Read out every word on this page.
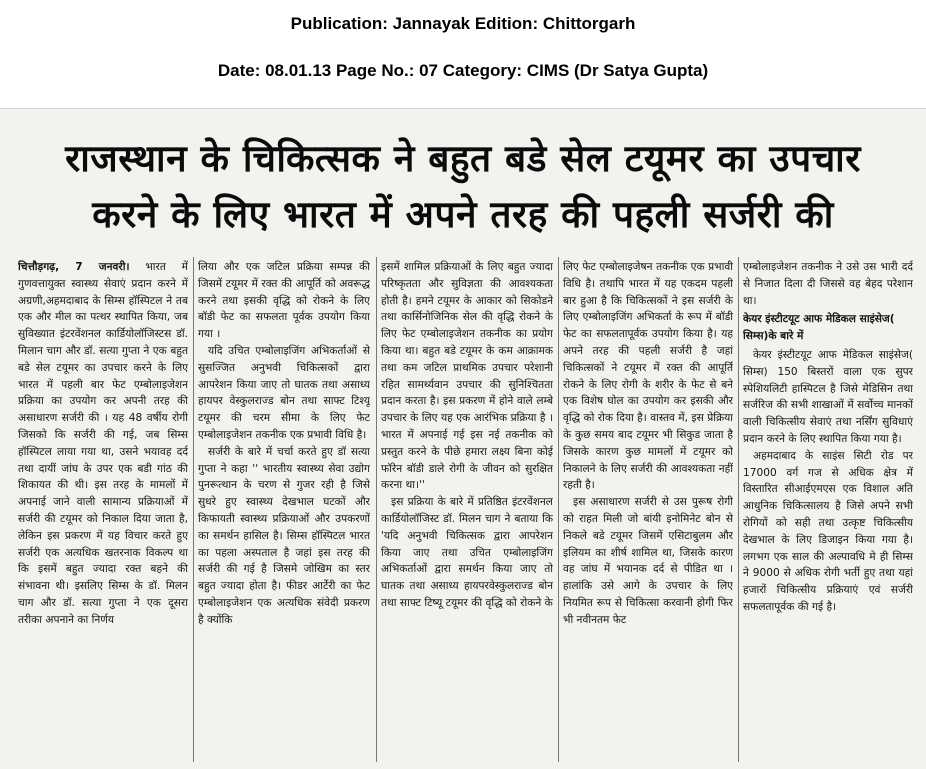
Publication: Jannayak Edition: Chittorgarh
Date: 08.01.13 Page No.: 07 Category: CIMS (Dr Satya Gupta)
राजस्थान के चिकित्सक ने बहुत बडे सेल टयूमर का उपचार
करने के लिए भारत में अपने तरह की पहली सर्जरी की
चित्तौड़गढ़, 7 जनवरी। भारत में गुणवत्तायुक्त स्वास्थ्य सेवाएं प्रदान करने में अग्रणी,अहमदाबाद के सिम्स हॉस्पिटल ने तब एक और मील का पत्थर स्थापित किया, जब सुविख्यात इंटरवेंशनल कार्डियोलॉजिस्टस डॉ. मिलान चाग और डॉ. सत्या गुप्ता ने एक बहुत बडे सेल टयूमर का उपचार करने के लिए भारत में पहली बार फेट एम्बोलाइजेशन प्रक्रिया का उपयोग कर अपनी तरह की असाधारण सर्जरी की । यह 48 वर्षीय रोगी जिसको कि सर्जरी की गई, जब सिम्स हॉस्पिटल लाया गया था, उसने भयावह दर्द तथा दायीं जांघ के उपर एक बडी गांठ की शिकायत की थी। इस तरह के मामलों में अपनाई जाने वाली सामान्य प्रक्रियाओं में सर्जरी की टयूमर को निकाल दिया जाता है, लेकिन इस प्रकरण में यह विचार करते हुए सर्जरी एक अत्यधिक खतरनाक विकल्प था कि इसमें बहुत ज्यादा रक्त बहने की संभावना थी। इसलिए सिम्स के डॉ. मिलन चाग और डॉ. सत्या गुप्ता ने एक दूसरा तरीका अपनाने का निर्णय
लिया और एक जटिल प्रक्रिया सम्पन्न की जिसमें टयूमर में रक्त की आपूर्ति को अवरूद्ध करने तथा इसकी वृद्धि को रोकने के लिए बॉडी फेट का सफलता पूर्वक उपयोग किया गया ।
यदि उचित एम्बोलाइजिंग अभिकर्ताओं से सुसज्जित अनुभवी चिकित्सकों द्वारा आपरेशन किया जाए तो घातक तथा असाध्य हायपर वेस्कुलराज्ड बोन तथा साफ्ट टिश्यू टयूमर की चरम सीमा के लिए फेट एम्बोलाइजेशन तकनीक एक प्रभावी विधि है।
सर्जरी के बारे में चर्चा करते हुए डॉ सत्या गुप्ता ने कहा '' भारतीय स्वास्थ्य सेवा उद्योग पुनरूत्थान के चरण से गुजर रही है जिसे सुधरे हुए स्वास्थ्य देखभाल घटकों और किफायती स्वास्थ्य प्रक्रियाओं और उपकरणों का समर्थन हासिल है। सिम्स हॉस्पिटल भारत का पहला अस्पताल है जहां इस तरह की सर्जरी की गई है जिसमे जोखिम का स्तर बहुत ज्यादा होता है। फीडर आर्टेरी का फेट एम्बोलाइजेशन एक अत्यधिक संवेदी प्रकरण है क्योंकि
इसमें शामिल प्रक्रियाओं के लिए बहुत ज्यादा परिष्कृतता और सुविज्ञता की आवश्यकता होती है। हमने टयूमर के आकार को सिकोडने तथा कार्सिनोजिनिक सेल की वृद्धि रोकने के लिए फेट एम्बोलाइजेशन तकनीक का प्रयोग किया था। बहुत बडे टयूमर के कम आक्रामक तथा कम जटिल प्राथमिक उपचार परेशानी रहित सामर्थ्यवान उपचार की सुनिश्चितता प्रदान करता है। इस प्रकरण में होने वाले लम्बे उपचार के लिए यह एक आरंभिक प्रक्रिया है । भारत में अपनाई गई इस नई तकनीक को प्रस्तुत करने के पीछे हमारा लक्ष्य बिना कोई फॉरेन बॉडी डाले रोगी के जीवन को सुरक्षित करना था।''
इस प्रक्रिया के बारे में प्रतिष्ठित इंटरवेंशनल कार्डियोलॉजिस्ट डॉ. मिलन चाग ने बताया कि 'यदि अनुभवी चिकित्सक द्वारा आपरेशन किया जाए तथा उचित एम्बोलाइजिंग अभिकर्ताओं द्वारा समर्थन किया जाए तो घातक तथा असाध्य हायपरवेस्कुलराज्ड बोन तथा साफ्ट टिष्यू टयूमर की वृद्धि को रोकने के
लिए फेट एम्बोलाइजेषन तकनीक एक प्रभावी विधि है। तथापि भारत में यह एकदम पहली बार हुआ है कि चिकित्सकों ने इस सर्जरी के लिए एम्बोलाइजिंग अभिकर्ता के रूप में बॉडी फेट का सफलतापूर्वक उपयोग किया है। यह अपने तरह की पहली सर्जरी है जहां चिकित्सकों ने टयूमर में रक्त की आपूर्ति रोकने के लिए रोगी के शरीर के फेट से बने एक विशेष घोल का उपयोग कर इसकी और वृद्धि को रोक दिया है। वास्तव में, इस प्रेक्रिया के कुछ समय बाद टयूमर भी सिकुड जाता है जिसके कारण कुछ मामलों में टयूमर को निकालने के लिए सर्जरी की आवश्यकता नहीं रहती है।
इस असाधारण सर्जरी से उस पुरूष रोगी को राहत मिली जो बांयी इनोमिनेट बोन से निकले बडे टयूमर जिसमें एसिटाबुलम और इलियम का शीर्ष शामिल था, जिसके कारण वह जांघ में भयानक दर्द से पीडित था । हालांकि उसे आगे के उपचार के लिए नियमित रूप से चिकित्सा करवानी होगी फिर भी नवीनतम फेट
एम्बोलाइजेशन तकनीक ने उसे उस भारी दर्द से निजात दिला दी जिससे वह बेहद परेशान था।
केयर इंस्टीटयूट आफ मेडिकल साइंसेज( सिम्स)के बारे में
केयर इंस्टीटयूट आफ मेडिकल साइंसेज( सिम्स) 150 बिस्तरों वाला एक सुपर स्पेशियलिटी हास्पिटल है जिसे मेडिसिन तथा सर्जरिज की सभी शाखाओं में सर्वोच्च मानकों वाली चिकित्सीय सेवाएं तथा नर्सिंग सुविधाएं प्रदान करने के लिए स्थापित किया गया है।
अहमदाबाद के साइंस सिटी रोड पर 17000 वर्ग गज से अधिक क्षेत्र में विस्तारित सीआईएमएस एक विशाल अति आधुनिक चिकित्सालय है जिसे अपने सभी रोगियों को सही तथा उत्कृष्ट चिकित्सीय देखभाल के लिए डिजाइन किया गया है। लगभग एक साल की अल्पावधि मे ही सिम्स ने 9000 से अधिक रोगी भर्ती हुए तथा यहां हजारों चिकित्सीय प्रक्रियाएं एवं सर्जरी सफलतापूर्वक की गई है।
